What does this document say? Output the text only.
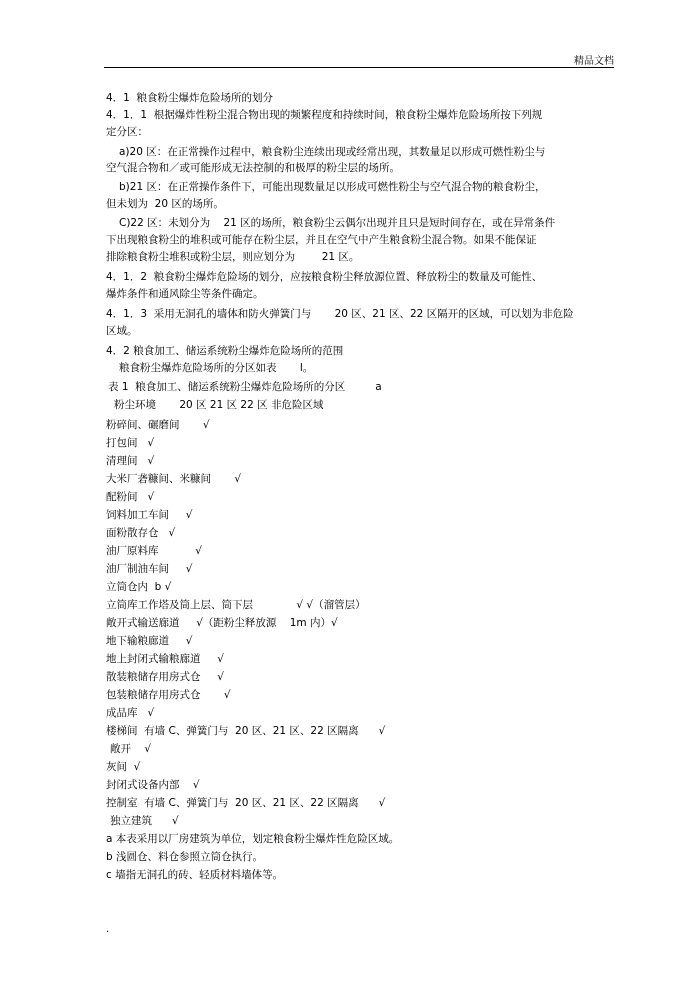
精品文档
4．1  粮食粉尘爆炸危险场所的划分
4．1．1  根据爆炸性粉尘混合物出现的频繁程度和持续时间，粮食粉尘爆炸危险场所按下列规
定分区：
a)20 区：在正常操作过程中，粮食粉尘连续出现或经常出现，其数量足以形成可燃性粉尘与
空气混合物和／或可能形成无法控制的和极厚的粉尘层的场所。
b)21 区：在正常操作条件下，可能出现数量足以形成可燃性粉尘与空气混合物的粮食粉尘，
但未划为  20 区的场所。
C)22 区：未划分为    21 区的场所，粮食粉尘云偶尔出现并且只是短时间存在，或在异常条件
下出现粮食粉尘的堆积或可能存在粉尘层，并且在空气中产生粮食粉尘混合物。如果不能保证
排除粮食粉尘堆积或粉尘层，则应划分为        21 区。
4．1．2  粮食粉尘爆炸危险场的划分，应按粮食粉尘释放源位置、释放粉尘的数量及可能性、
爆炸条件和通风除尘等条件确定。
4．1．3  采用无洞孔的墙体和防火弹簧门与       20 区、21 区、22 区隔开的区域，可以划为非危险
区域。
4．2 粮食加工、储运系统粉尘爆炸危险场所的范围
粮食粉尘爆炸危险场所的分区如表       l。
表 1  粮食加工、储运系统粉尘爆炸危险场所的分区         a
粉尘环境       20 区 21 区 22 区 非危险区域
粉碎间、碾磨间       √
打包间   √
清理间   √
大米厂砻糠间、米糠间       √
配粉间   √
饲料加工车间     √
面粉散存仓   √
油厂原料库           √
油厂制油车间     √
立筒仓内  b √
立筒库工作塔及筒上层、筒下层             √ √（溜管层）
敞开式输送廊道     √（距粉尘释放源    1m 内）√
地下输粮廊道     √
地上封闭式输粮廊道     √
散装粮储存用房式仓     √
包装粮储存用房式仓       √
成品库   √
楼梯间  有墙 C、弹簧门与  20 区、21 区、22 区隔离      √
敞开    √
灰间  √
封闭式设备内部    √
控制室  有墙 C、弹簧门与  20 区、21 区、22 区隔离      √
独立建筑      √
a 本表采用以厂房建筑为单位，划定粮食粉尘爆炸性危险区域。
b 浅圆仓、料仓参照立筒仓执行。
c 墙指无洞孔的砖、轻质材料墙体等。
.
